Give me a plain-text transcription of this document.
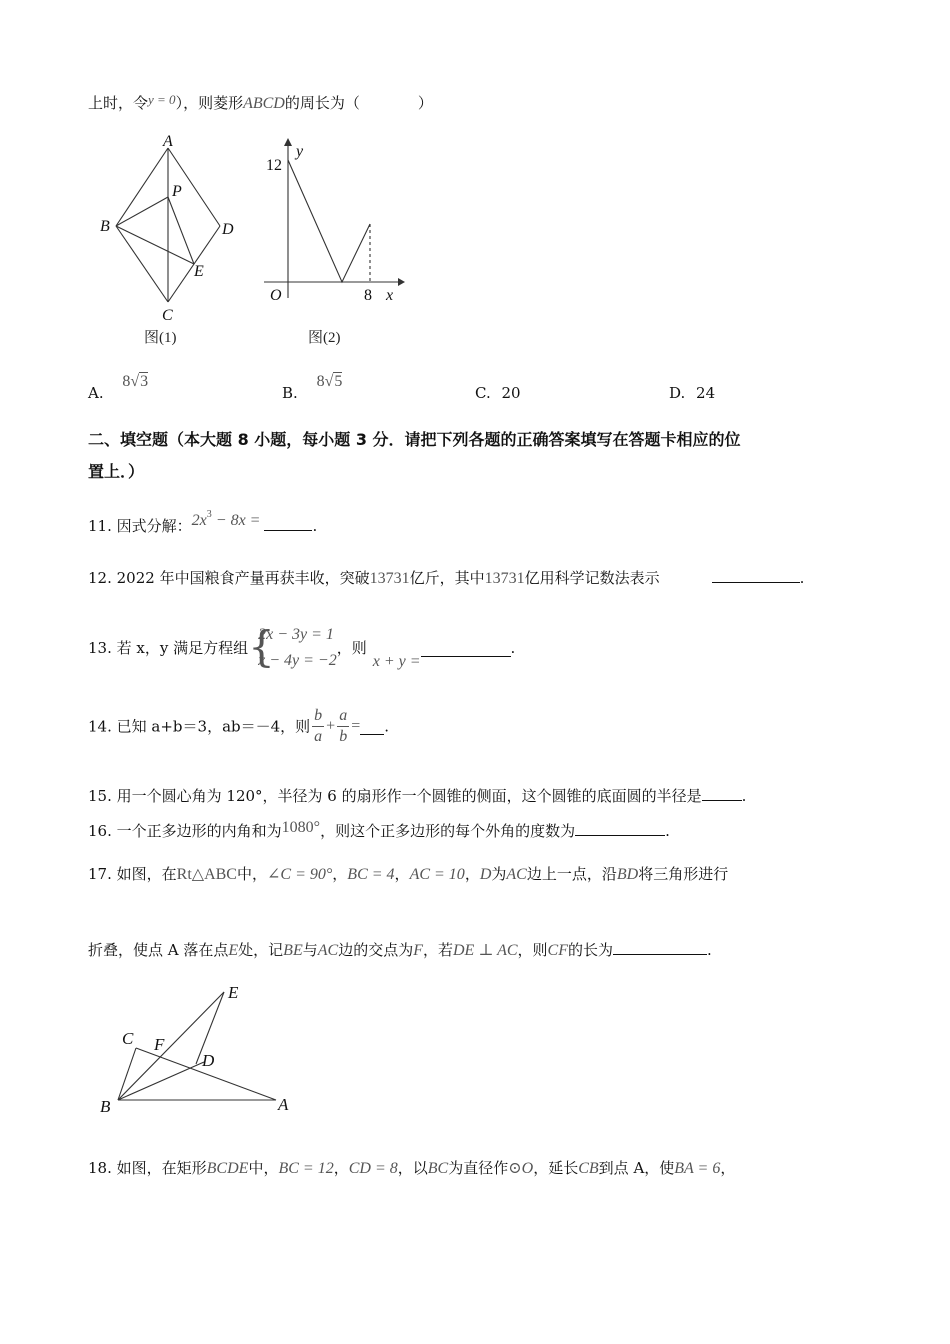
上时，令y = 0），则菱形ABCD的周长为（	）
A
B
C
D
E
P
图(1)
y
x
O
12
8
图(2)
A. 8√3
B. 8√5
C. 20	D. 24
二、填空题（本大题 8 小题，每小题 3 分．请把下列各题的正确答案填写在答题卡相应的位
置上．）
11. 因式分解：$2x^3 - 8x$ =	.
12. 2022 年中国粮食产量再获丰收，突破13731亿斤，其中13731亿用科学记数法表示	.
13. 若 x，y 满足方程组 {
2x − 3y = 1
x − 4y = −2
，则x + y =.
14. 已知 a+b＝3，ab＝－4，则 $\frac{b}{a} + \frac{a}{b}$ = .
15. 用一个圆心角为 120°，半径为 6 的扇形作一个圆锥的侧面，这个圆锥的底面圆的半径是	.
16. 一个正多边形的内角和为1080°，则这个正多边形的每个外角的度数为	.
17. 如图，在Rt△ABC中，∠C = 90°，BC = 4，AC = 10，D为AC边上一点，沿BD将三角形进行
折叠，使点 A 落在点E处，记BE与AC边的交点为F，若DE ⊥ AC，则CF的长为	.
E
C F
D
B	A
18. 如图，在矩形BCDE中，BC = 12，CD = 8，以BC为直径作⊙O，延长CB到点 A，使BA = 6，
